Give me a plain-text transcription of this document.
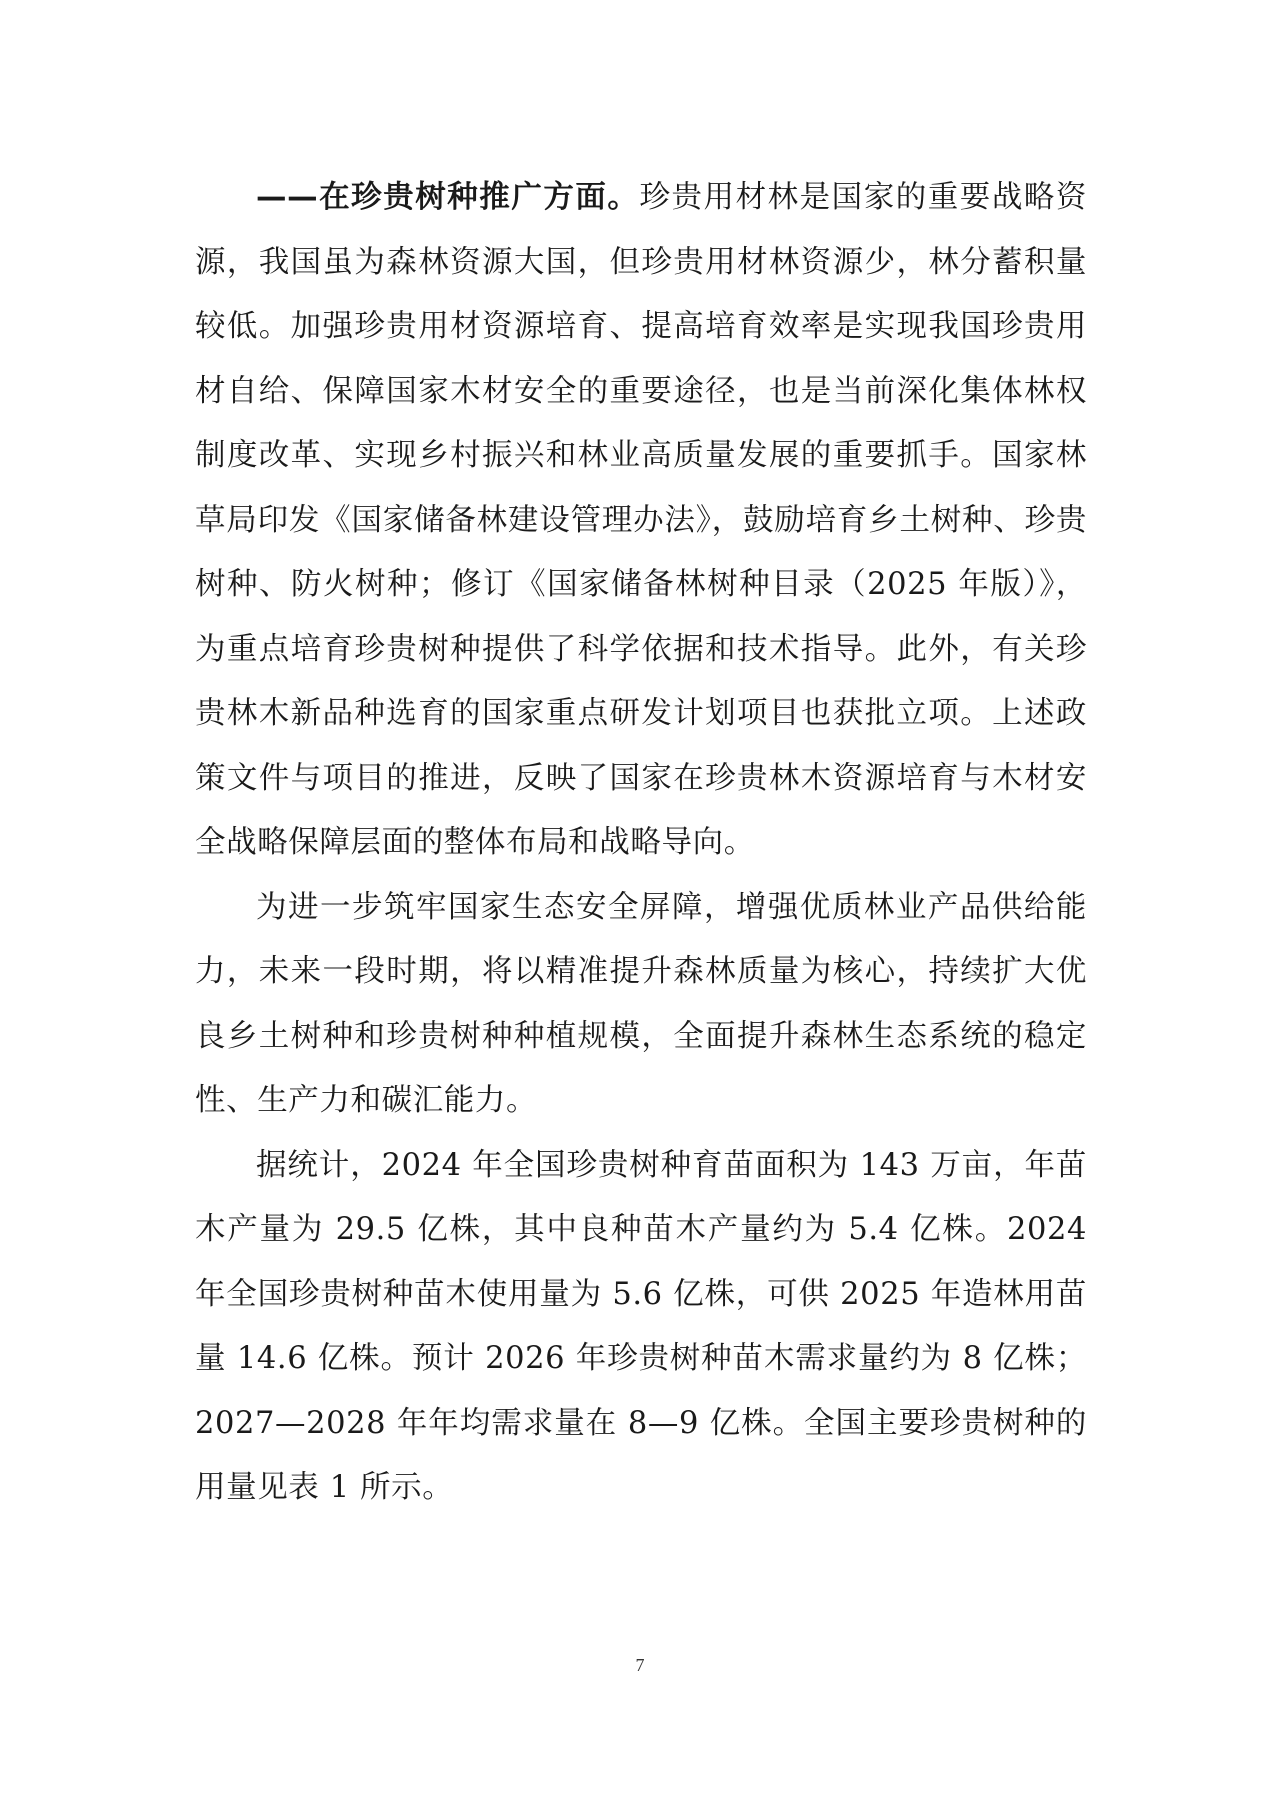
——在珍贵树种推广方面。珍贵用材林是国家的重要战略资源，我国虽为森林资源大国，但珍贵用材林资源少，林分蓄积量较低。加强珍贵用材资源培育、提高培育效率是实现我国珍贵用材自给、保障国家木材安全的重要途径，也是当前深化集体林权制度改革、实现乡村振兴和林业高质量发展的重要抓手。国家林草局印发《国家储备林建设管理办法》，鼓励培育乡土树种、珍贵树种、防火树种；修订《国家储备林树种目录（2025 年版）》，为重点培育珍贵树种提供了科学依据和技术指导。此外，有关珍贵林木新品种选育的国家重点研发计划项目也获批立项。上述政策文件与项目的推进，反映了国家在珍贵林木资源培育与木材安全战略保障层面的整体布局和战略导向。

为进一步筑牢国家生态安全屏障，增强优质林业产品供给能力，未来一段时期，将以精准提升森林质量为核心，持续扩大优良乡土树种和珍贵树种种植规模，全面提升森林生态系统的稳定性、生产力和碳汇能力。

据统计，2024 年全国珍贵树种育苗面积为 143 万亩，年苗木产量为 29.5 亿株，其中良种苗木产量约为 5.4 亿株。2024 年全国珍贵树种苗木使用量为 5.6 亿株，可供 2025 年造林用苗量 14.6 亿株。预计 2026 年珍贵树种苗木需求量约为 8 亿株；2027—2028 年年均需求量在 8—9 亿株。全国主要珍贵树种的用量见表 1 所示。

7
